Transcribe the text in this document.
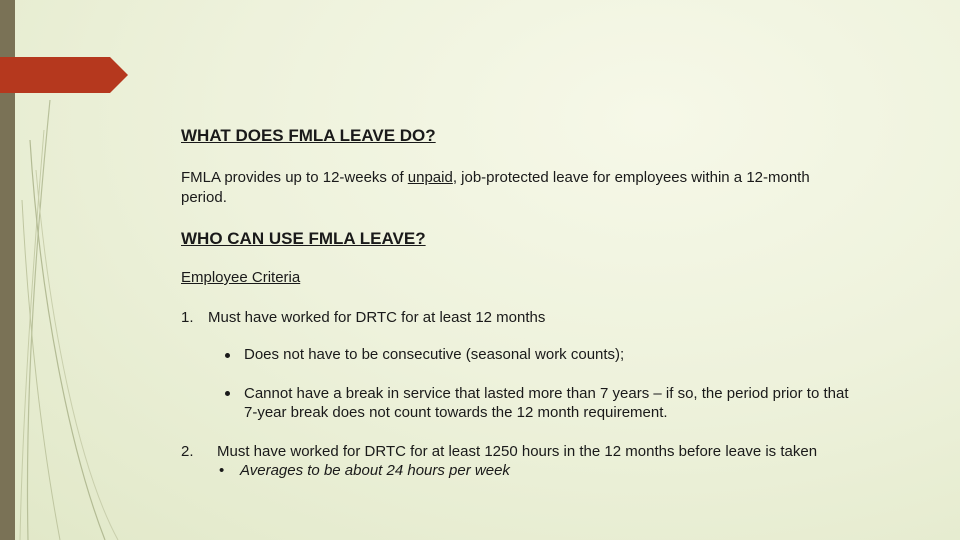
WHAT DOES FMLA LEAVE DO?
FMLA provides up to 12-weeks of unpaid, job-protected leave for employees within a 12-month
period.
WHO CAN USE FMLA LEAVE?
Employee Criteria
1. Must have worked for DRTC for at least 12 months
Does not have to be consecutive (seasonal work counts);
Cannot have a break in service that lasted more than 7 years – if so, the period prior to that
7-year break does not count towards the 12 month requirement.
2. Must have worked for DRTC for at least 1250 hours in the 12 months before leave is taken
• Averages to be about 24 hours per week
